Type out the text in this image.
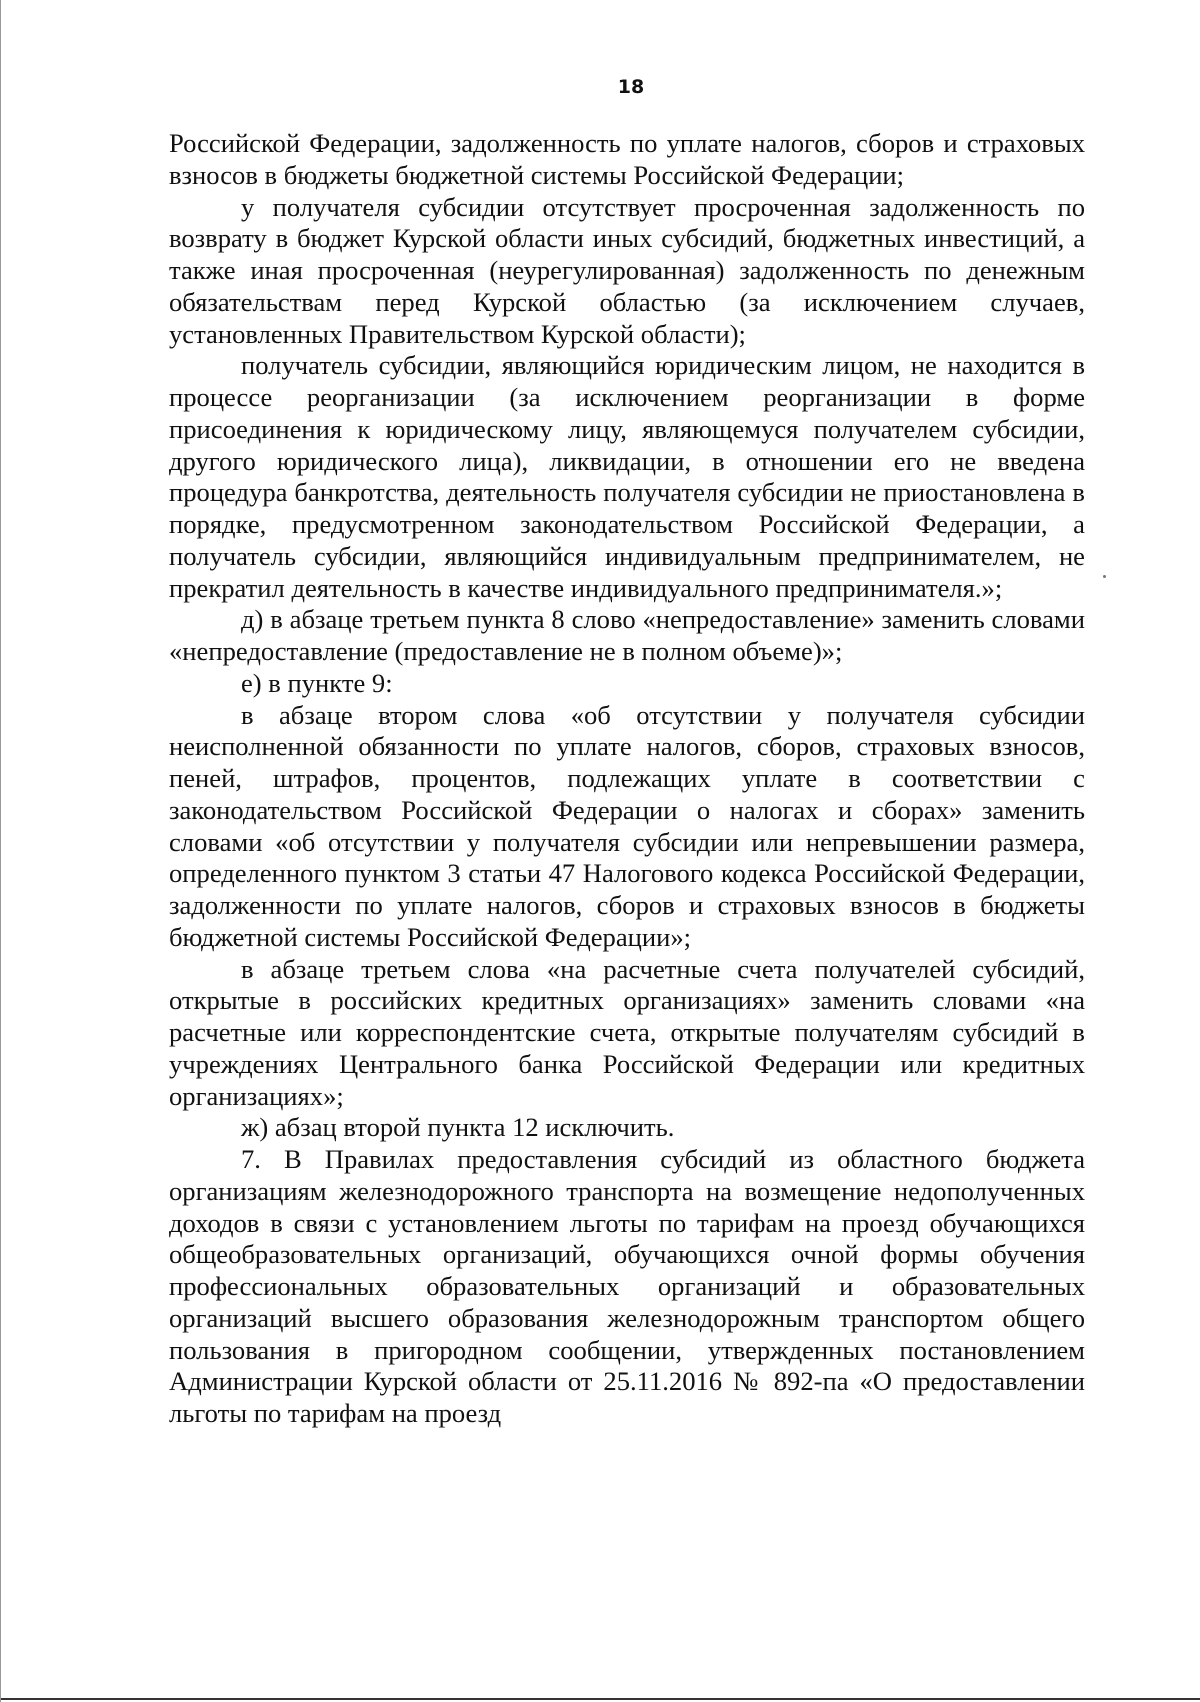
18

Российской Федерации, задолженность по уплате налогов, сборов и страховых взносов в бюджеты бюджетной системы Российской Федерации;

у получателя субсидии отсутствует просроченная задолженность по возврату в бюджет Курской области иных субсидий, бюджетных инвестиций, а также иная просроченная (неурегулированная) задолженность по денежным обязательствам перед Курской областью (за исключением случаев, установленных Правительством Курской области);

получатель субсидии, являющийся юридическим лицом, не находится в процессе реорганизации (за исключением реорганизации в форме присоединения к юридическому лицу, являющемуся получателем субсидии, другого юридического лица), ликвидации, в отношении его не введена процедура банкротства, деятельность получателя субсидии не приостановлена в порядке, предусмотренном законодательством Российской Федерации, а получатель субсидии, являющийся индивидуальным предпринимателем, не прекратил деятельность в качестве индивидуального предпринимателя.»;

д) в абзаце третьем пункта 8 слово «непредоставление» заменить словами «непредоставление (предоставление не в полном объеме)»;

е) в пункте 9:

в абзаце втором слова «об отсутствии у получателя субсидии неисполненной обязанности по уплате налогов, сборов, страховых взносов, пеней, штрафов, процентов, подлежащих уплате в соответствии с законодательством Российской Федерации о налогах и сборах» заменить словами «об отсутствии у получателя субсидии или непревышении размера, определенного пунктом 3 статьи 47 Налогового кодекса Российской Федерации, задолженности по уплате налогов, сборов и страховых взносов в бюджеты бюджетной системы Российской Федерации»;

в абзаце третьем слова «на расчетные счета получателей субсидий, открытые в российских кредитных организациях» заменить словами «на расчетные или корреспондентские счета, открытые получателям субсидий в учреждениях Центрального банка Российской Федерации или кредитных организациях»;

ж) абзац второй пункта 12 исключить.

7. В Правилах предоставления субсидий из областного бюджета организациям железнодорожного транспорта на возмещение недополученных доходов в связи с установлением льготы по тарифам на проезд обучающихся общеобразовательных организаций, обучающихся очной формы обучения профессиональных образовательных организаций и образовательных организаций высшего образования железнодорожным транспортом общего пользования в пригородном сообщении, утвержденных постановлением Администрации Курской области от 25.11.2016 № 892-па «О предоставлении льготы по тарифам на проезд
